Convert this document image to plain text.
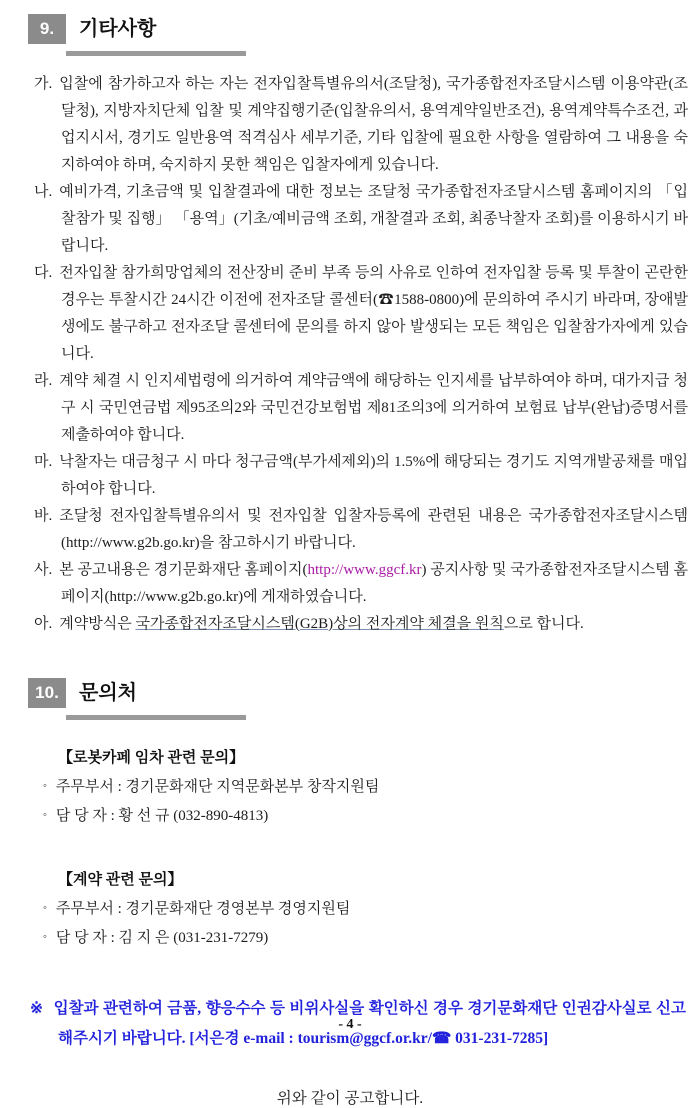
9.	기타사항
가. 입찰에 참가하고자 하는 자는 전자입찰특별유의서(조달청), 국가종합전자조달시스템 이용약관(조달청), 지방자치단체 입찰 및 계약집행기준(입찰유의서, 용역계약일반조건), 용역계약특수조건, 과업지시서, 경기도 일반용역 적격심사 세부기준, 기타 입찰에 필요한 사항을 열람하여 그 내용을 숙지하여야 하며, 숙지하지 못한 책임은 입찰자에게 있습니다.
나. 예비가격, 기초금액 및 입찰결과에 대한 정보는 조달청 국가종합전자조달시스템 홈페이지의 「입찰참가 및 집행」 「용역」(기초/예비금액 조회, 개찰결과 조회, 최종낙찰자 조회)를 이용하시기 바랍니다.
다. 전자입찰 참가희망업체의 전산장비 준비 부족 등의 사유로 인하여 전자입찰 등록 및 투찰이 곤란한 경우는 투찰시간 24시간 이전에 전자조달 콜센터(☎1588-0800)에 문의하여 주시기 바라며, 장애발생에도 불구하고 전자조달 콜센터에 문의를 하지 않아 발생되는 모든 책임은 입찰참가자에게 있습니다.
라. 계약 체결 시 인지세법령에 의거하여 계약금액에 해당하는 인지세를 납부하여야 하며, 대가지급 청구 시 국민연금법 제95조의2와 국민건강보험법 제81조의3에 의거하여 보험료 납부(완납)증명서를 제출하여야 합니다.
마. 낙찰자는 대금청구 시 마다 청구금액(부가세제외)의 1.5%에 해당되는 경기도 지역개발공채를 매입하여야 합니다.
바. 조달청 전자입찰특별유의서 및 전자입찰 입찰자등록에 관련된 내용은 국가종합전자조달시스템(http://www.g2b.go.kr)을 참고하시기 바랍니다.
사. 본 공고내용은 경기문화재단 홈페이지(http://www.ggcf.kr) 공지사항 및 국가종합전자조달시스템 홈페이지(http://www.g2b.go.kr)에 게재하였습니다.
아. 계약방식은 국가종합전자조달시스템(G2B)상의 전자계약 체결을 원칙으로 합니다.
10.	문의처
【로봇카페 임차 관련 문의】
◦ 주무부서 : 경기문화재단 지역문화본부 창작지원팀
◦ 담 당 자 : 황 선 규 (032-890-4813)
【계약 관련 문의】
◦ 주무부서 : 경기문화재단 경영본부 경영지원팀
◦ 담 당 자 : 김 지 은 (031-231-7279)
※ 입찰과 관련하여 금품, 향응수수 등 비위사실을 확인하신 경우 경기문화재단 인권감사실로 신고 해주시기 바랍니다. [서은경 e-mail : tourism@ggcf.or.kr/☎ 031-231-7285]
위와 같이 공고합니다.
- 4 -
